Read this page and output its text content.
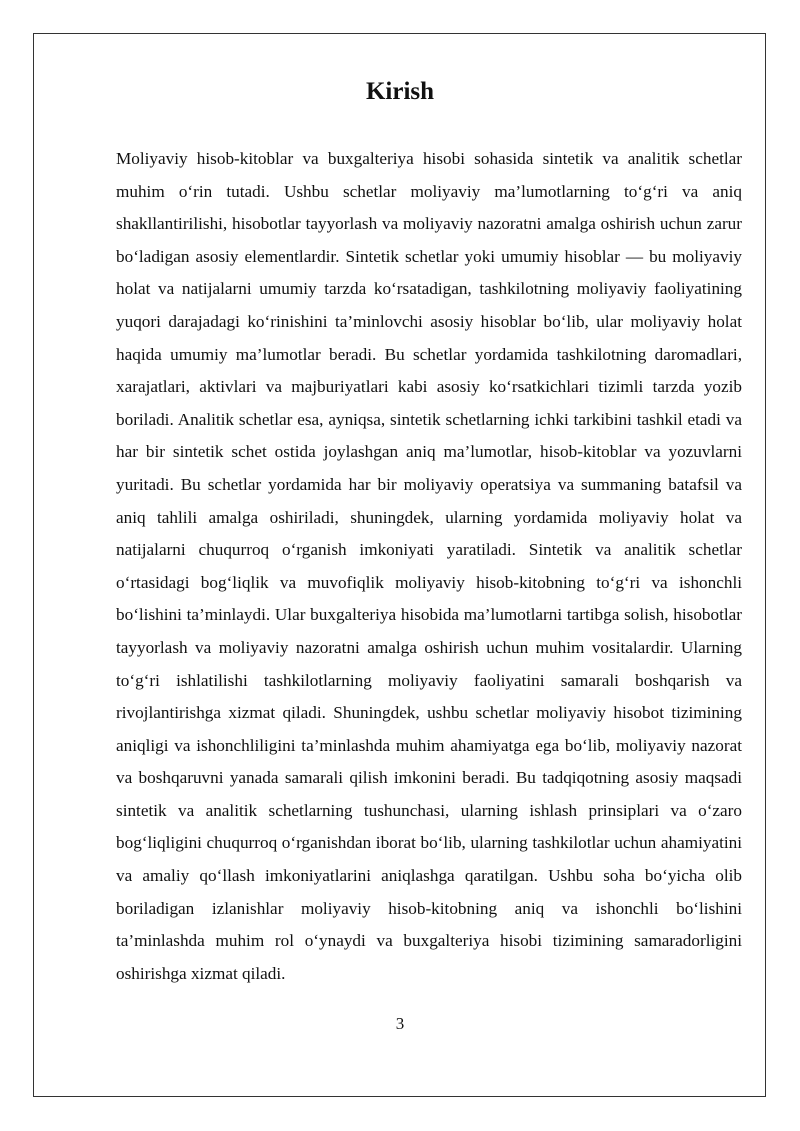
Kirish

Moliyaviy hisob-kitoblar va buxgalteriya hisobi sohasida sintetik va analitik schetlar muhim o‘rin tutadi. Ushbu schetlar moliyaviy ma’lumotlarning to‘g‘ri va aniq shakllantirilishi, hisobotlar tayyorlash va moliyaviy nazoratni amalga oshirish uchun zarur bo‘ladigan asosiy elementlardir. Sintetik schetlar yoki umumiy hisoblar — bu moliyaviy holat va natijalarni umumiy tarzda ko‘rsatadigan, tashkilotning moliyaviy faoliyatining yuqori darajadagi ko‘rinishini ta’minlovchi asosiy hisoblar bo‘lib, ular moliyaviy holat haqida umumiy ma’lumotlar beradi. Bu schetlar yordamida tashkilotning daromadlari, xarajatlari, aktivlari va majburiyatlari kabi asosiy ko‘rsatkichlari tizimli tarzda yozib boriladi. Analitik schetlar esa, ayniqsa, sintetik schetlarning ichki tarkibini tashkil etadi va har bir sintetik schet ostida joylashgan aniq ma’lumotlar, hisob-kitoblar va yozuvlarni yuritadi. Bu schetlar yordamida har bir moliyaviy operatsiya va summaning batafsil va aniq tahlili amalga oshiriladi, shuningdek, ularning yordamida moliyaviy holat va natijalarni chuqurroq o‘rganish imkoniyati yaratiladi. Sintetik va analitik schetlar o‘rtasidagi bog‘liqlik va muvofiqlik moliyaviy hisob-kitobning to‘g‘ri va ishonchli bo‘lishini ta’minlaydi. Ular buxgalteriya hisobida ma’lumotlarni tartibga solish, hisobotlar tayyorlash va moliyaviy nazoratni amalga oshirish uchun muhim vositalardir. Ularning to‘g‘ri ishlatilishi tashkilotlarning moliyaviy faoliyatini samarali boshqarish va rivojlantirishga xizmat qiladi. Shuningdek, ushbu schetlar moliyaviy hisobot tizimining aniqligi va ishonchliligini ta’minlashda muhim ahamiyatga ega bo‘lib, moliyaviy nazorat va boshqaruvni yanada samarali qilish imkonini beradi. Bu tadqiqotning asosiy maqsadi sintetik va analitik schetlarning tushunchasi, ularning ishlash prinsiplari va o‘zaro bog‘liqligini chuqurroq o‘rganishdan iborat bo‘lib, ularning tashkilotlar uchun ahamiyatini va amaliy qo‘llash imkoniyatlarini aniqlashga qaratilgan. Ushbu soha bo‘yicha olib boriladigan izlanishlar moliyaviy hisob-kitobning aniq va ishonchli bo‘lishini ta’minlashda muhim rol o‘ynaydi va buxgalteriya hisobi tizimining samaradorligini oshirishga xizmat qiladi.

3
